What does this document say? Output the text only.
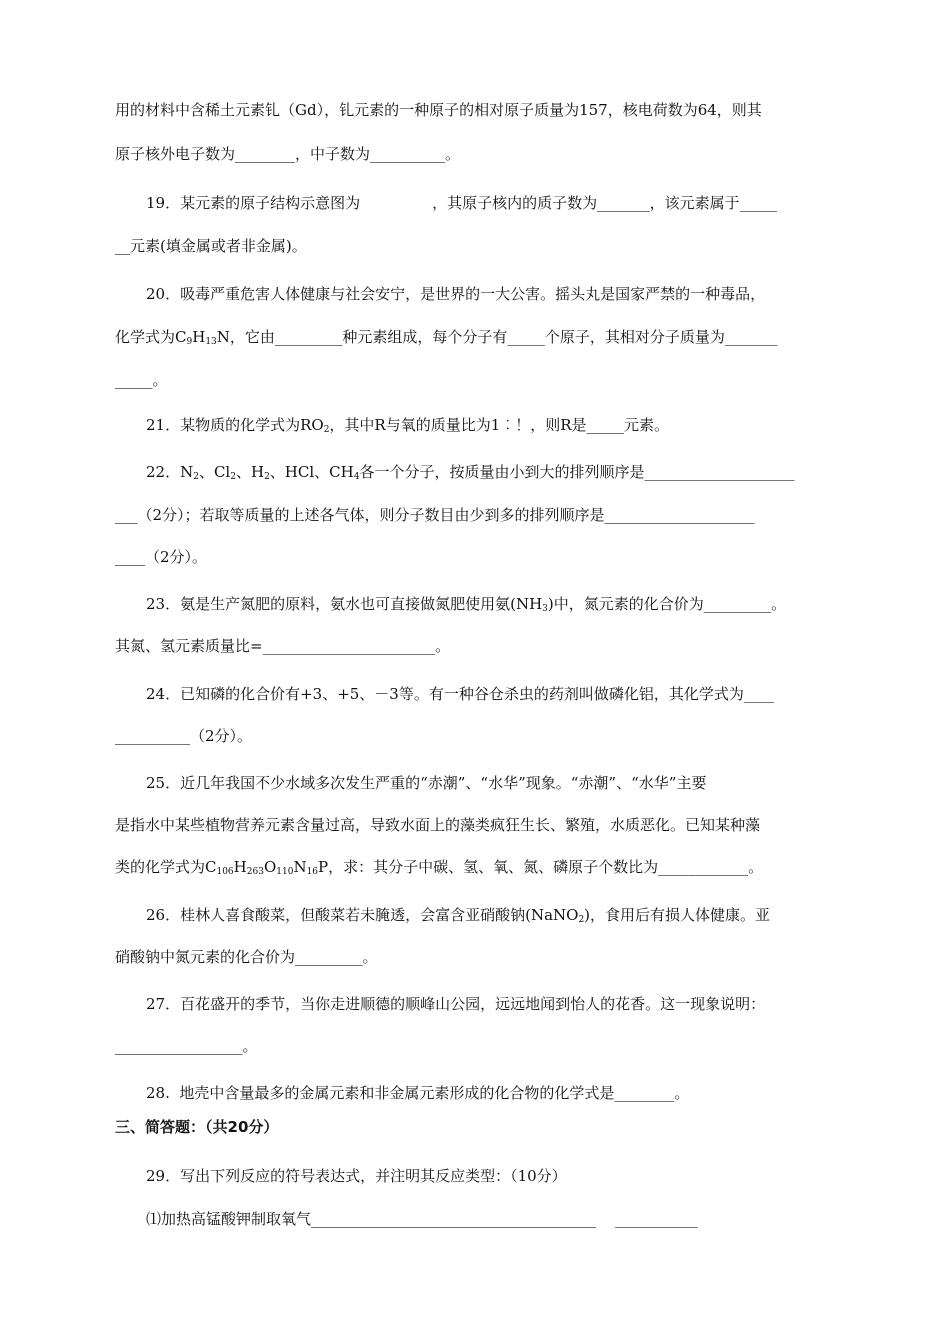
用的材料中含稀土元素钆（Gd），钆元素的一种原子的相对原子质量为157，核电荷数为64，则其
原子核外电子数为________，中子数为__________。
19．某元素的原子结构示意图为	，其原子核内的质子数为_______，该元素属于_____
__元素(填金属或者非金属)。
20．吸毒严重危害人体健康与社会安宁，是世界的一大公害。摇头丸是国家严禁的一种毒品，
化学式为$C_9H_{13}N$，它由_________种元素组成，每个分子有_____个原子，其相对分子质量为_______
_____。
21．某物质的化学式为$RO_2$，其中R与氧的质量比为1︰！，则R是_____元素。
22．$N_2$、$Cl_2$、$H_2$、HCl、$CH_4$各一个分子，按质量由小到大的排列顺序是____________________
___（2分）；若取等质量的上述各气体，则分子数目由少到多的排列顺序是____________________
____（2分）。
23．氨是生产氮肥的原料，氨水也可直接做氮肥使用氨$(NH_3)$中，氮元素的化合价为_________。
其氮、氢元素质量比=_______________________。
24．已知磷的化合价有+3、+5、－3等。有一种谷仓杀虫的药剂叫做磷化铝，其化学式为____
__________（2分）。
25．近几年我国不少水域多次发生严重的“赤潮”、“水华”现象。“赤潮”、“水华”主要
是指水中某些植物营养元素含量过高，导致水面上的藻类疯狂生长、繁殖，水质恶化。已知某种藻
类的化学式为$C_{106}H_{263}O_{110}N_{16}P$，求：其分子中碳、氢、氧、氮、磷原子个数比为____________。
26．桂林人喜食酸菜，但酸菜若未腌透，会富含亚硝酸钠(NaNO$_2$)，食用后有损人体健康。亚
硝酸钠中氮元素的化合价为_________。
27．百花盛开的季节，当你走进顺德的顺峰山公园，远远地闻到怡人的花香。这一现象说明：
_________________。
28.  地壳中含量最多的金属元素和非金属元素形成的化合物的化学式是________。
三、简答题：（共20分）
29．写出下列反应的符号表达式，并注明其反应类型：（10分）
⑴加热高锰酸钾制取氧气______________________________________    ___________
